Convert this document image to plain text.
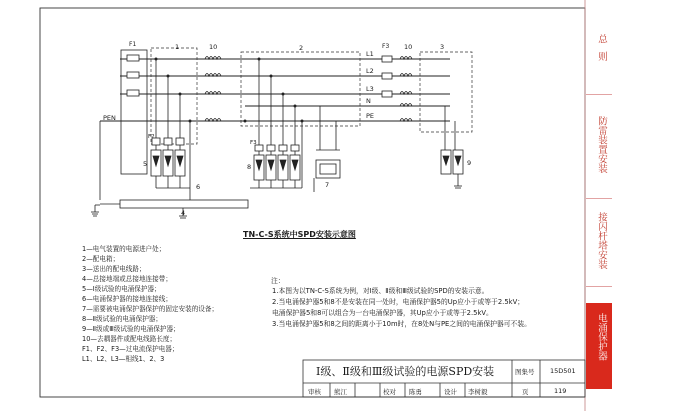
L1
L2
L3
N
PE
PEN
F1
F2
F3
F3
1	10	2	10	3
5
6
4
8
7
9
TN-C-S系统中SPD安装示意图
1—电气装置的电源进户处；
2—配电箱；
3—送出的配电线路；
4—总接地端或总接地连接带；
5—Ⅰ级试验的电涌保护器；
6—电涌保护器的接地连接线；
7—需要被电涌保护器保护的固定安装的设备；
8—Ⅱ级试验的电涌保护器；
9—Ⅱ级或Ⅲ级试验的电涌保护器；
10—去耦器件或配电线路长度；
F1、F2、F3—过电流保护电器；
L1、L2、L3—相线1、2、3
注：
1.本图为以TN-C-S系统为例，对Ⅰ级、Ⅱ级和Ⅲ级试验的SPD的安装示意。
2.当电涌保护器5和8不是安装在同一处时，电涌保护器5的Up应小于或等于2.5kV；
电涌保护器5和8可以组合为一台电涌保护器，其Up应小于或等于2.5kV。
3.当电涌保护器5和8之间的距离小于10m时，在8处N与PE之间的电涌保护器可不装。
Ⅰ级、Ⅱ级和Ⅲ级试验的电源SPD安装	图集号 15D501
页	119
审核 熊江	校对 陈勇	设计 李树毅
总则
防雷装置安装
接闪杆塔安装
电涌保护器
